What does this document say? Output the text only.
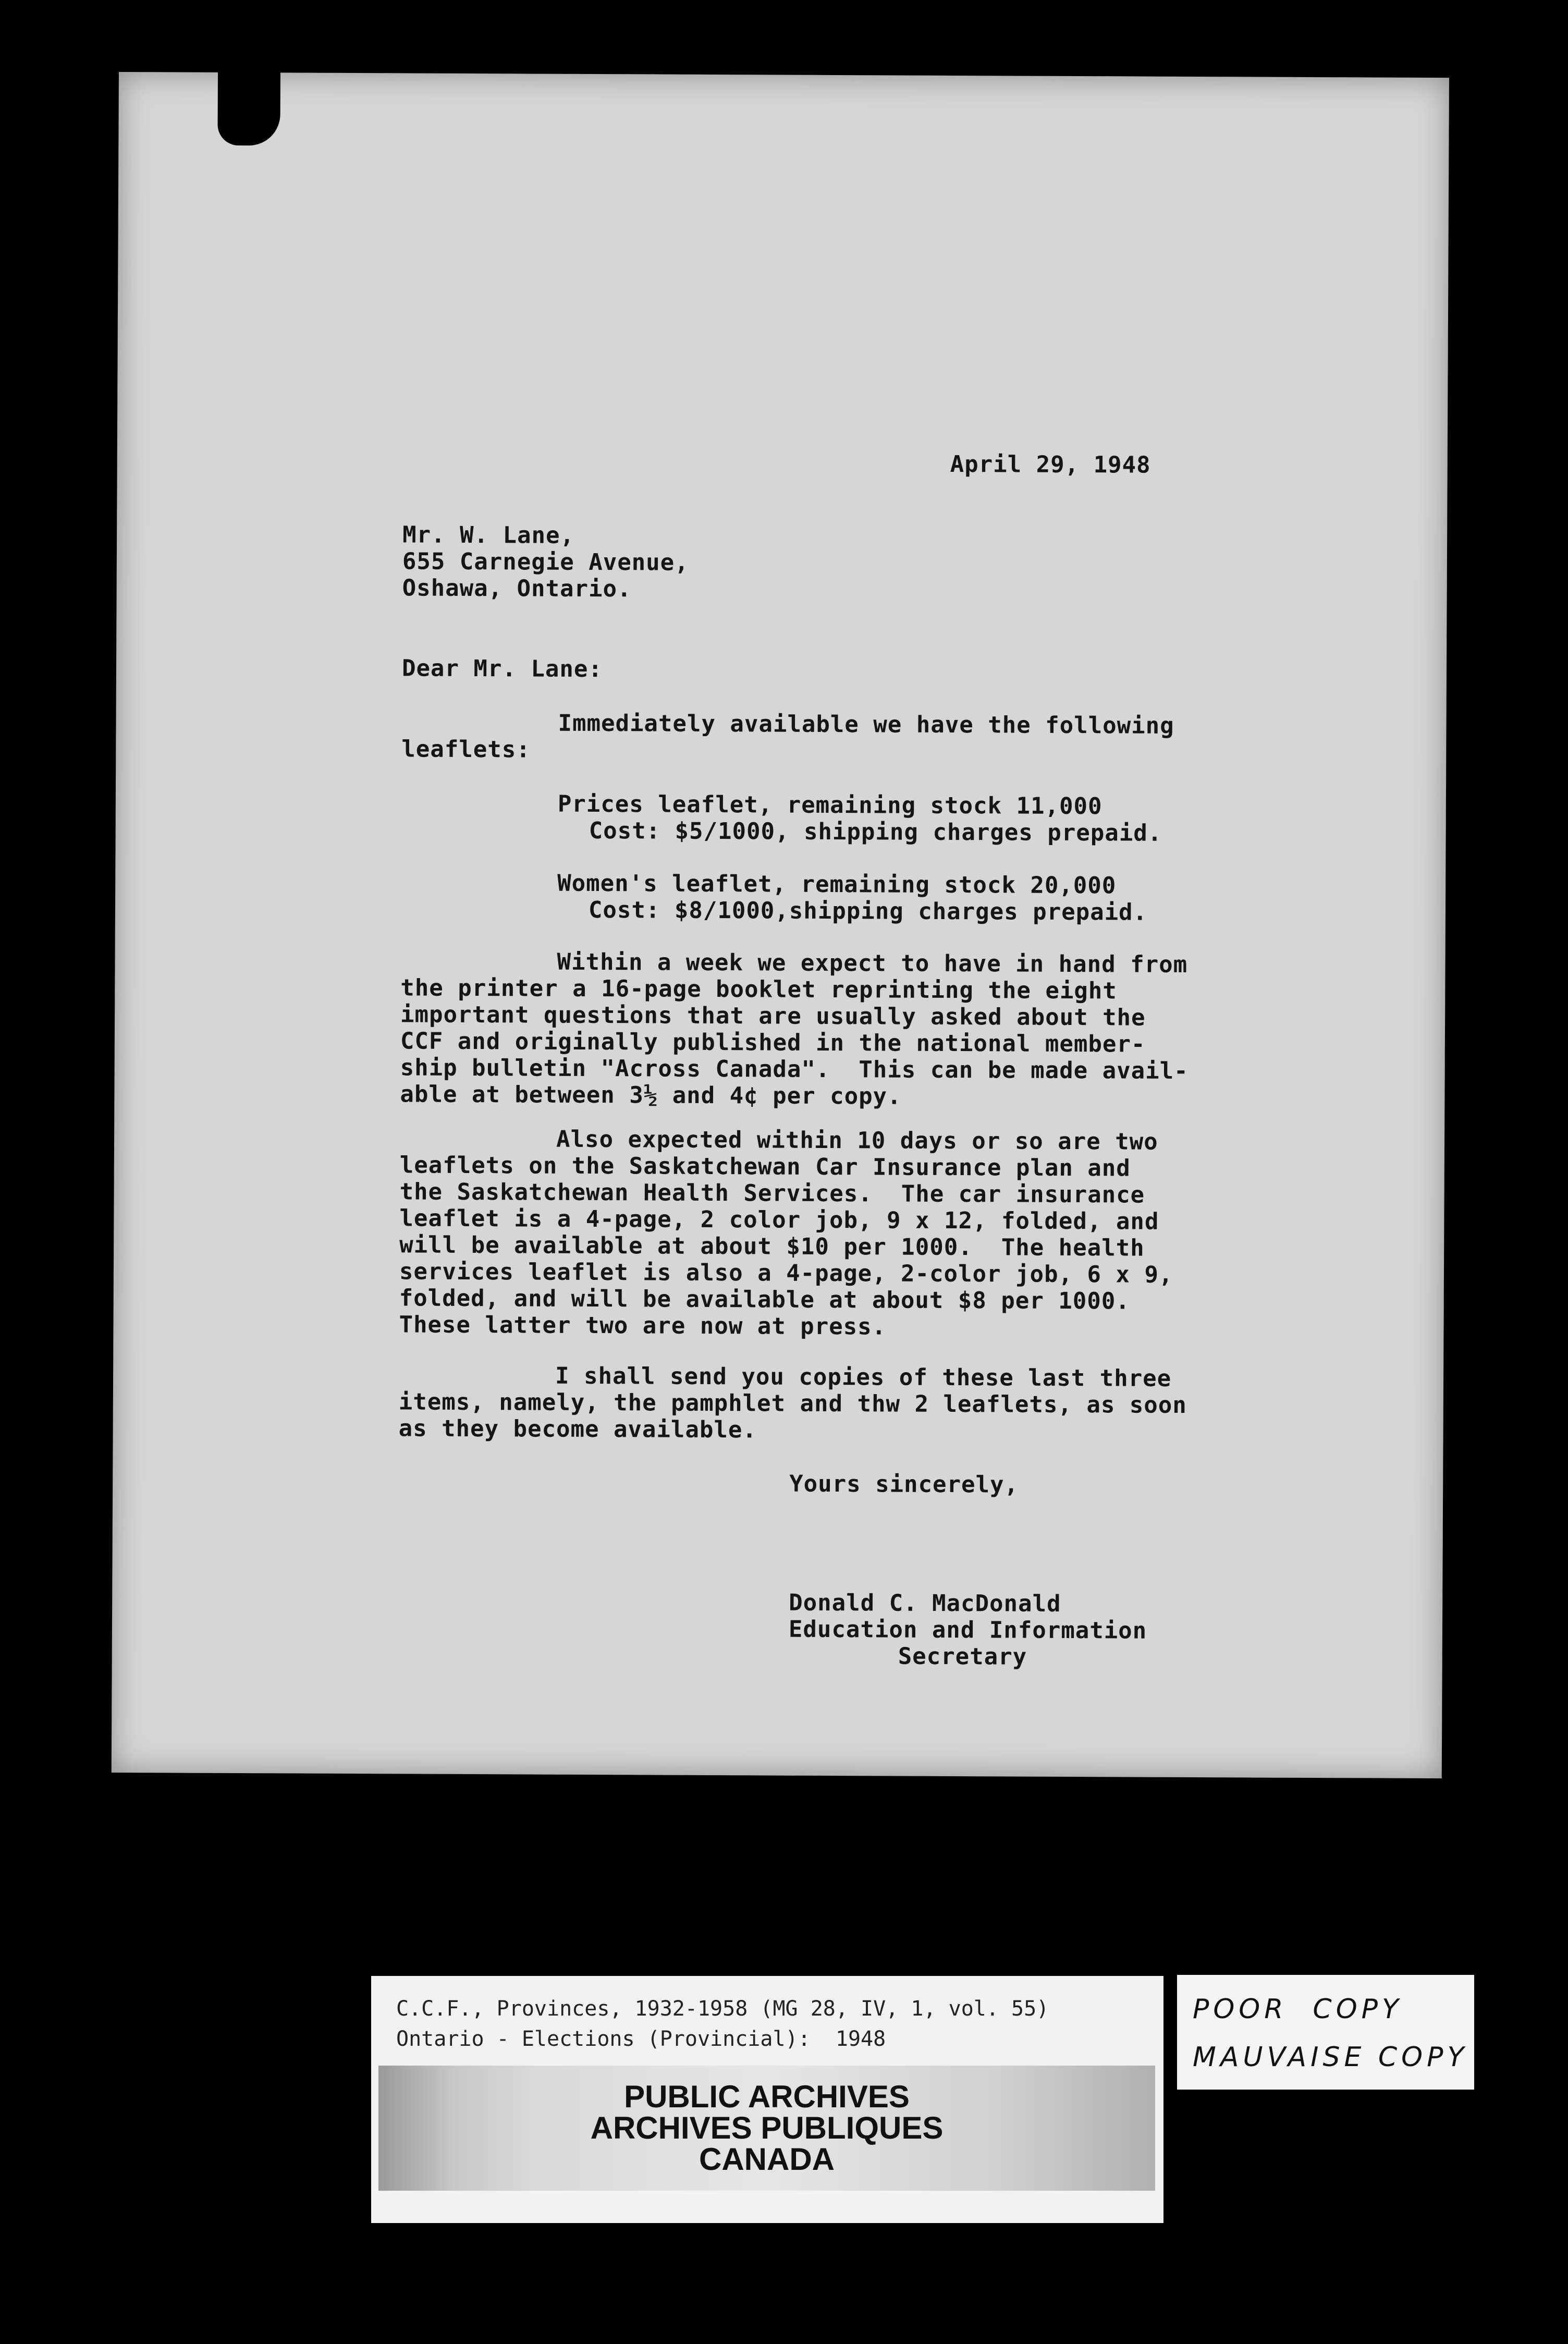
April 29, 1948
Mr. W. Lane,
655 Carnegie Avenue,
Oshawa, Ontario.
Dear Mr. Lane:
Immediately available we have the following
leaflets:
Prices leaflet, remaining stock 11,000
Cost: $5/1000, shipping charges prepaid.
Women's leaflet, remaining stock 20,000
Cost: $8/1000,shipping charges prepaid.
Within a week we expect to have in hand from
the printer a 16-page booklet reprinting the eight
important questions that are usually asked about the
CCF and originally published in the national member-
ship bulletin "Across Canada".  This can be made avail-
able at between 3½ and 4¢ per copy.
Also expected within 10 days or so are two
leaflets on the Saskatchewan Car Insurance plan and
the Saskatchewan Health Services.  The car insurance
leaflet is a 4-page, 2 color job, 9 x 12, folded, and
will be available at about $10 per 1000.  The health
services leaflet is also a 4-page, 2-color job, 6 x 9,
folded, and will be available at about $8 per 1000.
These latter two are now at press.
I shall send you copies of these last three
items, namely, the pamphlet and thw 2 leaflets, as soon
as they become available.
Yours sincerely,
Donald C. MacDonald
Education and Information
Secretary
C.C.F., Provinces, 1932-1958 (MG 28, IV, 1, vol. 55)
Ontario - Elections (Provincial):  1948
PUBLIC ARCHIVES
ARCHIVES PUBLIQUES
CANADA
POOR  COPY
MAUVAISE COPY
